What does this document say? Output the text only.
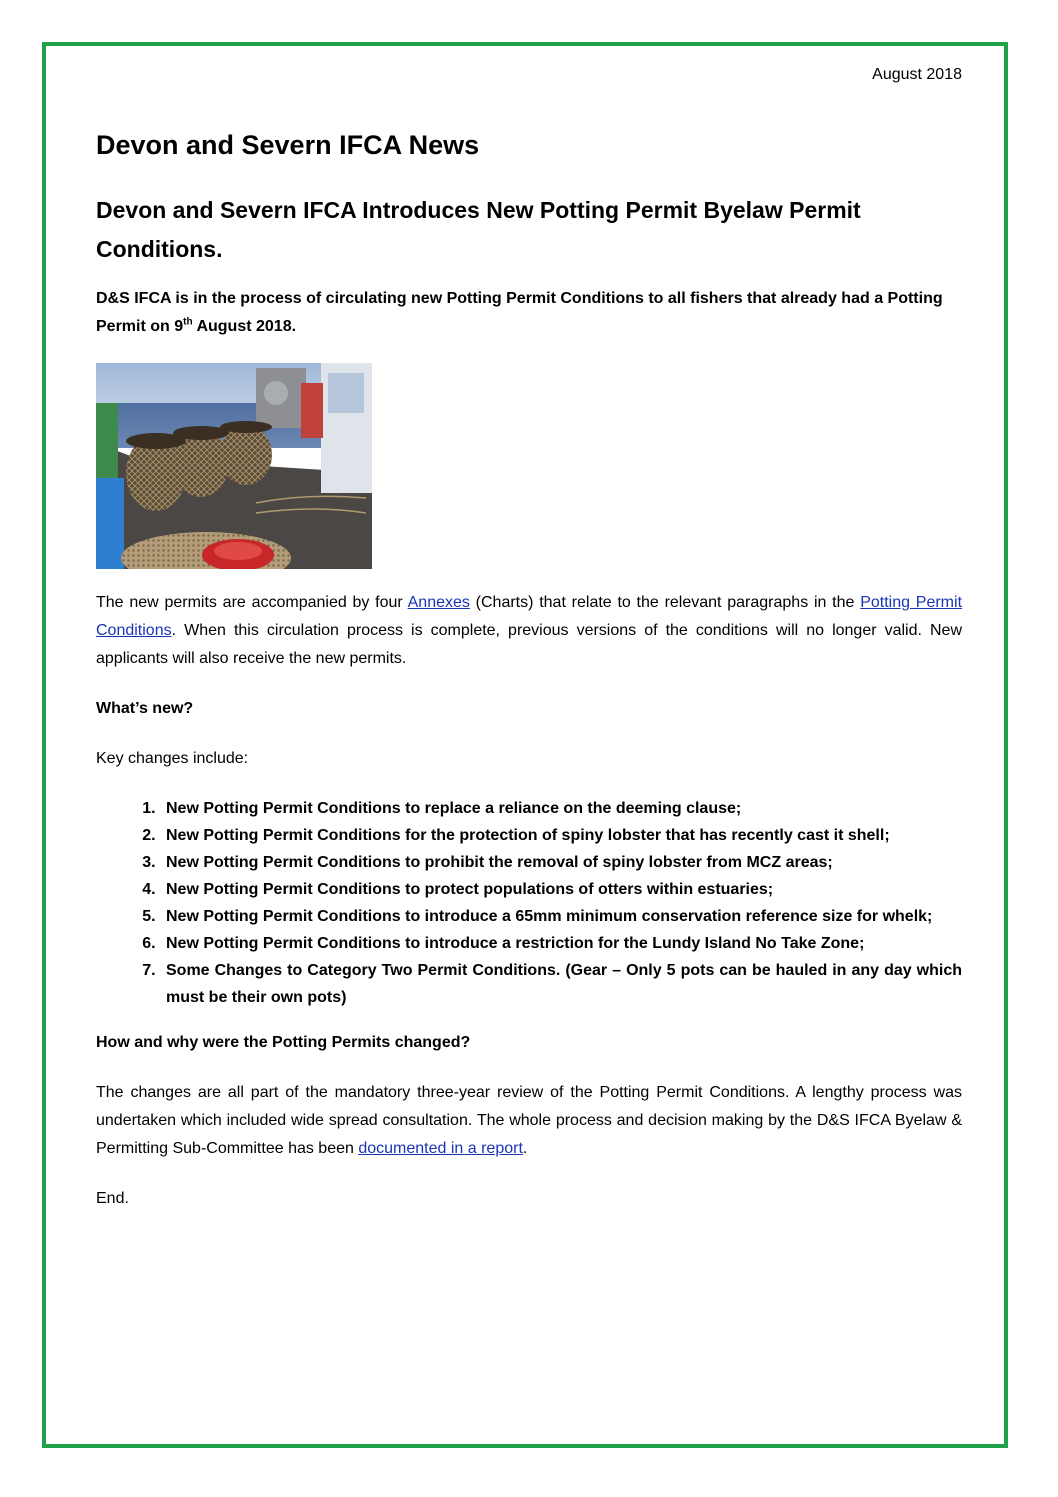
August 2018
Devon and Severn IFCA News
Devon and Severn IFCA Introduces New Potting Permit Byelaw Permit Conditions.

D&S IFCA is in the process of circulating new Potting Permit Conditions to all fishers that already had a Potting Permit on 9th August 2018.

The new permits are accompanied by four Annexes (Charts) that relate to the relevant paragraphs in the Potting Permit Conditions. When this circulation process is complete, previous versions of the conditions will no longer valid. New applicants will also receive the new permits.

What’s new?

Key changes include:

1. New Potting Permit Conditions to replace a reliance on the deeming clause;
2. New Potting Permit Conditions for the protection of spiny lobster that has recently cast it shell;
3. New Potting Permit Conditions to prohibit the removal of spiny lobster from MCZ areas;
4. New Potting Permit Conditions to protect populations of otters within estuaries;
5. New Potting Permit Conditions to introduce a 65mm minimum conservation reference size for whelk;
6. New Potting Permit Conditions to introduce a restriction for the Lundy Island No Take Zone;
7. Some Changes to Category Two Permit Conditions. (Gear – Only 5 pots can be hauled in any day which must be their own pots)

How and why were the Potting Permits changed?

The changes are all part of the mandatory three-year review of the Potting Permit Conditions. A lengthy process was undertaken which included wide spread consultation. The whole process and decision making by the D&S IFCA Byelaw & Permitting Sub-Committee has been documented in a report.

End.
